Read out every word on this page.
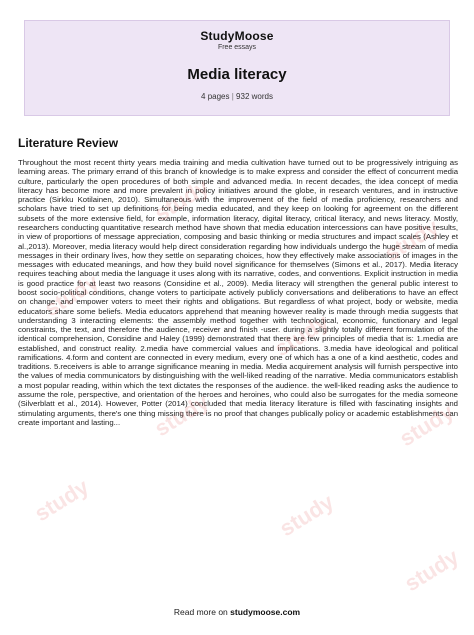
StudyMoose
Free essays
Media literacy
4 pages | 932 words
Literature Review

Throughout the most recent thirty years media training and media cultivation have turned out to be progressively intriguing as learning areas. The primary errand of this branch of knowledge is to make express and consider the effect of concurrent media culture, particularly the open procedures of both simple and advanced media. In recent decades, the idea concept of media literacy has become more and more prevalent in policy initiatives around the globe, in research ventures, and in instructive practice (Sirkku Kotilainen, 2010). Simultaneous with the improvement of the field of media proficiency, researchers and scholars have tried to set up definitions for being media educated, and they keep on looking for agreement on the different subsets of the more extensive field, for example, information literacy, digital literacy, critical literacy, and news literacy. Mostly, researchers conducting quantitative research method have shown that media education intercessions can have positive results, in view of proportions of message appreciation, composing and basic thinking or media structures and impact scales (Ashley et al.,2013). Moreover, media literacy would help direct consideration regarding how individuals undergo the huge stream of media messages in their ordinary lives, how they settle on separating choices, how they effectively make associations of images in the messages with educated meanings, and how they build novel significance for themselves (Simons et al., 2017). Media literacy requires teaching about media the language it uses along with its narrative, codes, and conventions. Explicit instruction in media is good practice for at least two reasons (Considine et al., 2009). Media literacy will strengthen the general public interest to boost socio-political conditions, change voters to participate actively publicly conversations and deliberations to have an effect on change, and empower voters to meet their rights and obligations. But regardless of what project, body or website, media educators share some beliefs. Media educators apprehend that meaning however reality is made through media suggests that understanding 3 interacting elements: the assembly method together with technological, economic, functionary and legal constraints, the text, and therefore the audience, receiver and finish -user. during a slightly totally different formulation of the identical comprehension, Considine and Haley (1999) demonstrated that there are few principles of media that is: 1.media are established, and construct reality. 2.media have commercial values and implications. 3.media have ideological and political ramifications. 4.form and content are connected in every medium, every one of which has a one of a kind aesthetic, codes and traditions. 5.receivers is able to arrange significance meaning in media. Media acquirement analysis will furnish perspective into the values of media communicators by distinguishing with the well-liked reading of the narrative. Media communicators establish a most popular reading, within which the text dictates the responses of the audience. the well-liked reading asks the audience to assume the role, perspective, and orientation of the heroes and heroines, who could also be surrogates for the media someone (Silverblatt et al., 2014). However, Potter (2014) concluded that media literacy literature is filled with fascinating insights and stimulating arguments, there's one thing missing there is no proof that changes publically policy or academic establishments can create important and lasting...

study
study
study
study
study	study
study	study
study
Read more on studymoose.com
